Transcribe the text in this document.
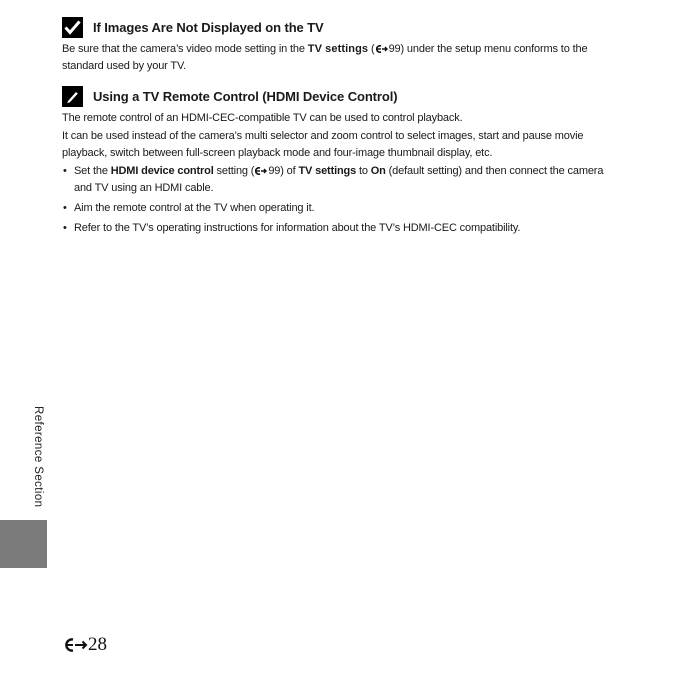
If Images Are Not Displayed on the TV

Be sure that the camera’s video mode setting in the TV settings ( 99) under the setup menu conforms to the standard used by your TV.

Using a TV Remote Control (HDMI Device Control)

The remote control of an HDMI-CEC-compatible TV can be used to control playback.

It can be used instead of the camera’s multi selector and zoom control to select images, start and pause movie playback, switch between full-screen playback mode and four-image thumbnail display, etc.

• Set the HDMI device control setting ( 99) of TV settings to On (default setting) and then connect the camera and TV using an HDMI cable.
• Aim the remote control at the TV when operating it.
• Refer to the TV’s operating instructions for information about the TV’s HDMI-CEC compatibility.
Reference Section
28
